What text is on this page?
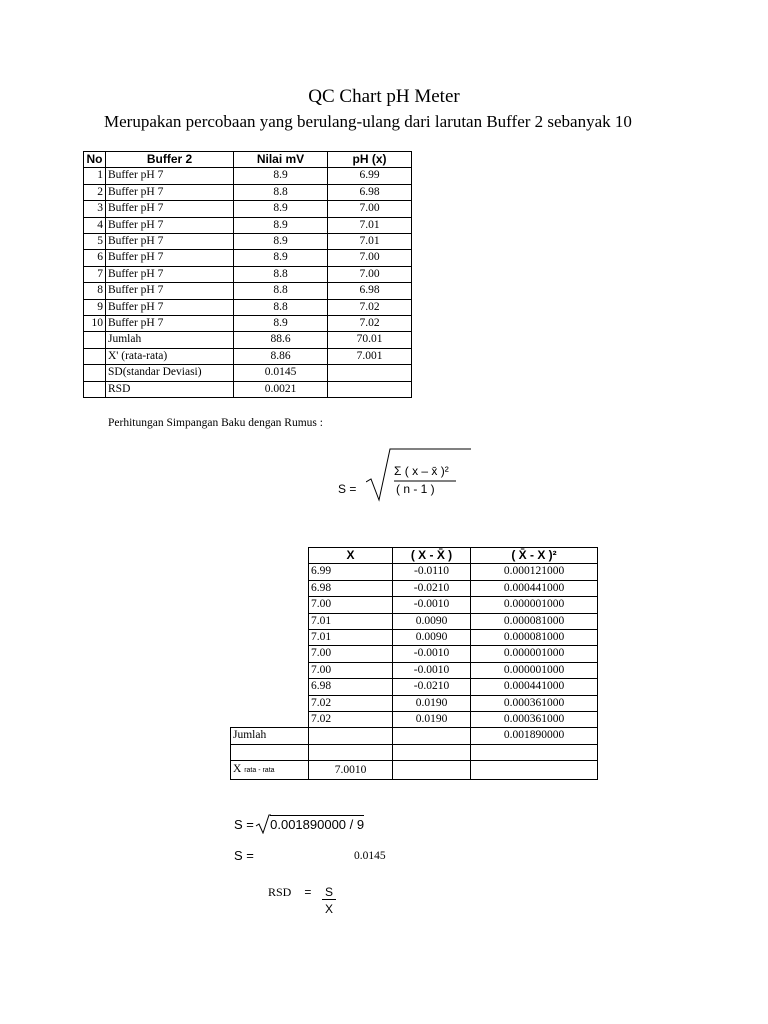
QC Chart pH Meter
Merupakan percobaan yang berulang-ulang dari larutan Buffer 2 sebanyak 10
No	Buffer 2	Nilai mV	pH (x)
1	Buffer pH 7	8.9	6.99
2	Buffer pH 7	8.8	6.98
3	Buffer pH 7	8.9	7.00
4	Buffer pH 7	8.9	7.01
5	Buffer pH 7	8.9	7.01
6	Buffer pH 7	8.9	7.00
7	Buffer pH 7	8.8	7.00
8	Buffer pH 7	8.8	6.98
9	Buffer pH 7	8.8	7.02
10	Buffer pH 7	8.9	7.02
	Jumlah	88.6	70.01
	X' (rata-rata)	8.86	7.001
	SD(standar Deviasi)	0.0145	
	RSD	0.0021	
Perhitungan Simpangan Baku dengan Rumus :
S =
Σ ( x – x̄ )²
( n - 1 )
	X	( X - X̄ )	( X̄ - X )²
	6.99	-0.0110	0.000121000
	6.98	-0.0210	0.000441000
	7.00	-0.0010	0.000001000
	7.01	0.0090	0.000081000
	7.01	0.0090	0.000081000
	7.00	-0.0010	0.000001000
	7.00	-0.0010	0.000001000
	6.98	-0.0210	0.000441000
	7.02	0.0190	0.000361000
	7.02	0.0190	0.000361000
Jumlah			0.001890000

X rata - rata	7.0010		
S = 0.001890000 / 9
S =	0.0145
RSD = S
X
